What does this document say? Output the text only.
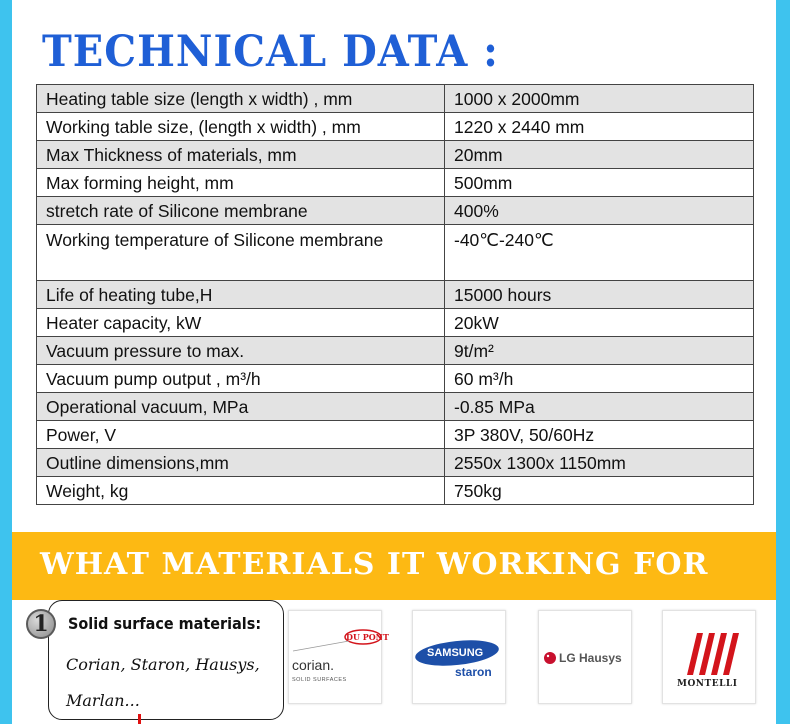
TECHNICAL DATA :
Heating table size (length x width) , mm	1000 x 2000mm
Working table size, (length x width) , mm	1220 x 2440 mm
Max Thickness of materials, mm	20mm
Max forming height, mm	500mm
stretch rate of Silicone membrane	400%
Working temperature of Silicone membrane	-40℃-240℃
Life of heating tube,H	15000 hours
Heater capacity, kW	20kW
Vacuum pressure to max.	9t/m²
Vacuum pump output , m³/h	60 m³/h
Operational vacuum, MPa	-0.85 MPa
Power, V	3P 380V, 50/60Hz
Outline dimensions,mm	2550x 1300x 1150mm
Weight, kg	750kg
WHAT MATERIALS IT WORKING FOR
1	Solid surface materials:
Corian, Staron, Hausys, Marlan...
DU PONT
corian.
SOLID SURFACES
SAMSUNG
staron
LG Hausys
MONTELLI
